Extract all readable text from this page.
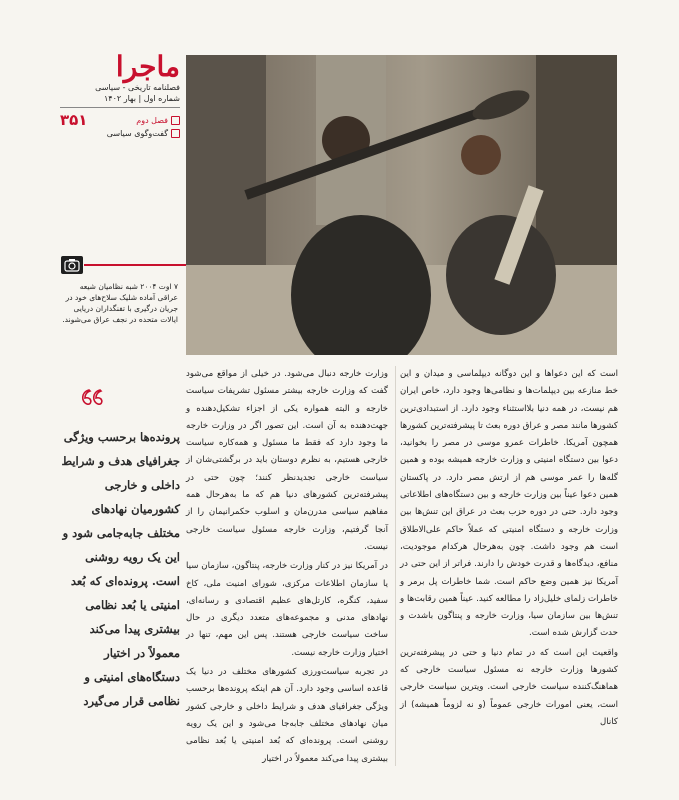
ماجرا
فصلنامه تاریخی - سیاسی
شماره اول | بهار ۱۴۰۲
فصل دوم
۳۵۱
گفت‌وگوی سیاسی
۷ اوت ۲۰۰۴ شبه نظامیان شیعه عراقی آماده شلیک سلاح‌های خود در جریان درگیری با تفنگداران دریایی ایالات متحده در نجف عراق می‌شوند.
پرونده‌ها برحسب ویژگی جغرافیای هدف و شرایط داخلی و خارجی کشورمیان نهادهای مختلف جابه‌جامی شود و این یک رویه روشنی است. پرونده‌ای که بُعد امنیتی یا بُعد نظامی بیشتری پیدا می‌کند معمولاً در اختیار دستگاه‌های امنیتی و نظامی قرار می‌گیرد

است که این دعواها و این دوگانه دیپلماسی و میدان و این خط منازعه بین دیپلمات‌ها و نظامی‌ها وجود دارد، خاص ایران هم نیست، در همه دنیا بلااستثناء وجود دارد. از استبدادی‌ترین کشورها مانند مصر و عراق دوره بعث تا پیشرفته‌ترین کشورها همچون آمریکا. خاطرات عمرو موسی در مصر را بخوانید، دعوا بین دستگاه امنیتی و وزارت خارجه همیشه بوده و همین گله‌ها را عمر موسی هم از ارتش مصر دارد. در پاکستان همین دعوا عیناً بین وزارت خارجه و بین دستگاه‌های اطلاعاتی وجود دارد. حتی در دوره حزب بعث در عراق این تنش‌ها بین وزارت خارجه و دستگاه امنیتی که عملاً حاکم علی‌الاطلاق است هم وجود داشت. چون به‌هرحال هرکدام موجودیت، منافع، دیدگاه‌ها و قدرت خودش را دارند. فراتر از این حتی در آمریکا نیز همین وضع حاکم است. شما خاطرات پل برمر و خاطرات زلمای خلیل‌زاد را مطالعه کنید. عیناً همین رقابت‌ها و تنش‌ها بین سازمان سیا، وزارت خارجه و پنتاگون باشدت و حدت گزارش شده است.

واقعیت این است که در تمام دنیا و حتی در پیشرفته‌ترین کشورها وزارت خارجه نه مسئول سیاست خارجی که هماهنگ‌کننده سیاست خارجی است. ویترین سیاست خارجی است، یعنی امورات خارجی عموماً (و نه لزوماً همیشه) از کانال

وزارت خارجه دنبال می‌شود. در خیلی از مواقع می‌شود گفت که وزارت خارجه بیشتر مسئول تشریفات سیاست خارجه و البته همواره یکی از اجزاء تشکیل‌دهنده و جهت‌دهنده به آن است. این تصور اگر در وزارت خارجه ما وجود دارد که فقط ما مسئول و همه‌کاره سیاست خارجی هستیم، به نظرم دوستان باید در برگشتی‌شان از سیاست خارجی تجدیدنظر کنند؛ چون حتی در پیشرفته‌ترین کشورهای دنیا هم که ما به‌هرحال همه مفاهیم سیاسی مدرن‌مان و اسلوب حکمرانیمان را از آنجا گرفتیم، وزارت خارجه مسئول سیاست خارجی نیست.

در آمریکا نیز در کنار وزارت خارجه، پنتاگون، سازمان سیا یا سازمان اطلاعات مرکزی، شورای امنیت ملی، کاخ سفید، کنگره، کارتل‌های عظیم اقتصادی و رسانه‌ای، نهادهای مدنی و مجموعه‌های متعدد دیگری در حال ساخت سیاست خارجی هستند. پس این مهم، تنها در اختیار وزارت خارجه نیست.

در تجربه سیاست‌ورزی کشورهای مختلف در دنیا یک قاعده اساسی وجود دارد. آن هم اینکه پرونده‌ها برحسب ویژگی جغرافیای هدف و شرایط داخلی و خارجی کشور میان نهادهای مختلف جابه‌جا می‌شود و این یک رویه روشنی است. پرونده‌ای که بُعد امنیتی یا بُعد نظامی بیشتری پیدا می‌کند معمولاً در اختیار
